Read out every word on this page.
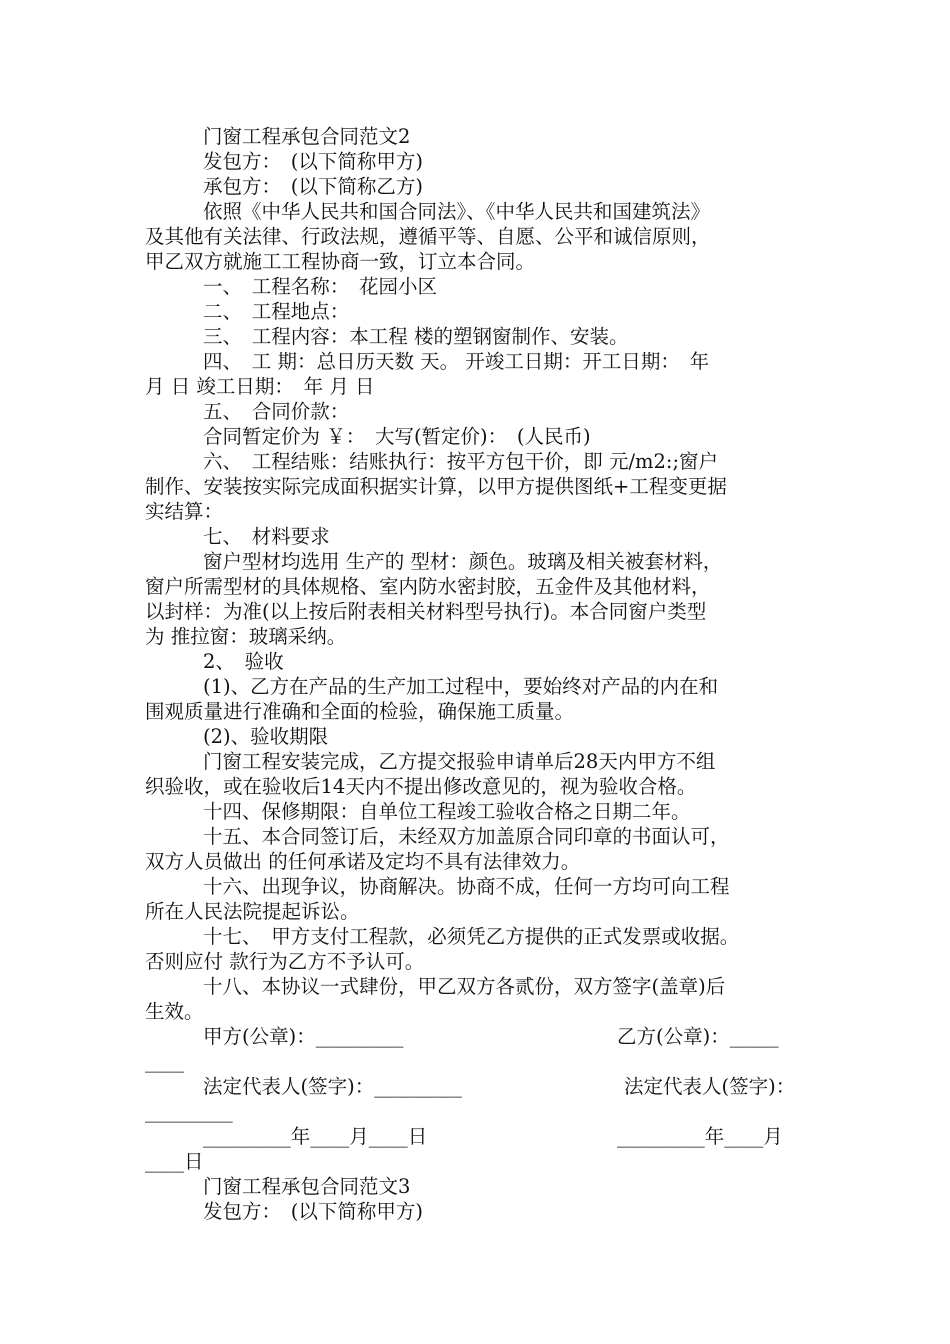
门窗工程承包合同范文2
发包方：　(以下简称甲方)
承包方：　(以下简称乙方)
依照《中华人民共和国合同法》、《中华人民共和国建筑法》
及其他有关法律、行政法规，遵循平等、自愿、公平和诚信原则，
甲乙双方就施工工程协商一致，订立本合同。
一、　工程名称：　花园小区
二、　工程地点：
三、　工程内容：本工程 楼的塑钢窗制作、安装。
四、　工 期：总日历天数 天。 开竣工日期：开工日期：　年
月 日 竣工日期：　年 月 日
五、　合同价款：
合同暂定价为 ￥：　大写(暂定价)：　(人民币)
六、　工程结账：结账执行：按平方包干价，即 元/m2:;窗户
制作、安装按实际完成面积据实计算，以甲方提供图纸+工程变更据
实结算：
七、　材料要求
窗户型材均选用 生产的 型材：颜色。玻璃及相关被套材料，
窗户所需型材的具体规格、室内防水密封胶，五金件及其他材料，
以封样：为准(以上按后附表相关材料型号执行)。本合同窗户类型
为 推拉窗：玻璃采纳。
2、　验收
(1)、乙方在产品的生产加工过程中，要始终对产品的内在和
围观质量进行准确和全面的检验，确保施工质量。
(2)、验收期限
门窗工程安装完成，乙方提交报验申请单后28天内甲方不组
织验收，或在验收后14天内不提出修改意见的，视为验收合格。
十四、保修期限：自单位工程竣工验收合格之日期二年。
十五、本合同签订后，未经双方加盖原合同印章的书面认可，
双方人员做出 的任何承诺及定均不具有法律效力。
十六、出现争议，协商解决。协商不成，任何一方均可向工程
所在人民法院提起诉讼。
十七、　甲方支付工程款，必须凭乙方提供的正式发票或收据。
否则应付 款行为乙方不予认可。
十八、本协议一式肆份，甲乙双方各贰份，双方签字(盖章)后
生效。
甲方(公章)：_________	乙方(公章)：_____
____
法定代表人(签字)：_________	法定代表人(签字)：
_________
_________年____月____日	_________年____月
____日
门窗工程承包合同范文3
发包方：　(以下简称甲方)
